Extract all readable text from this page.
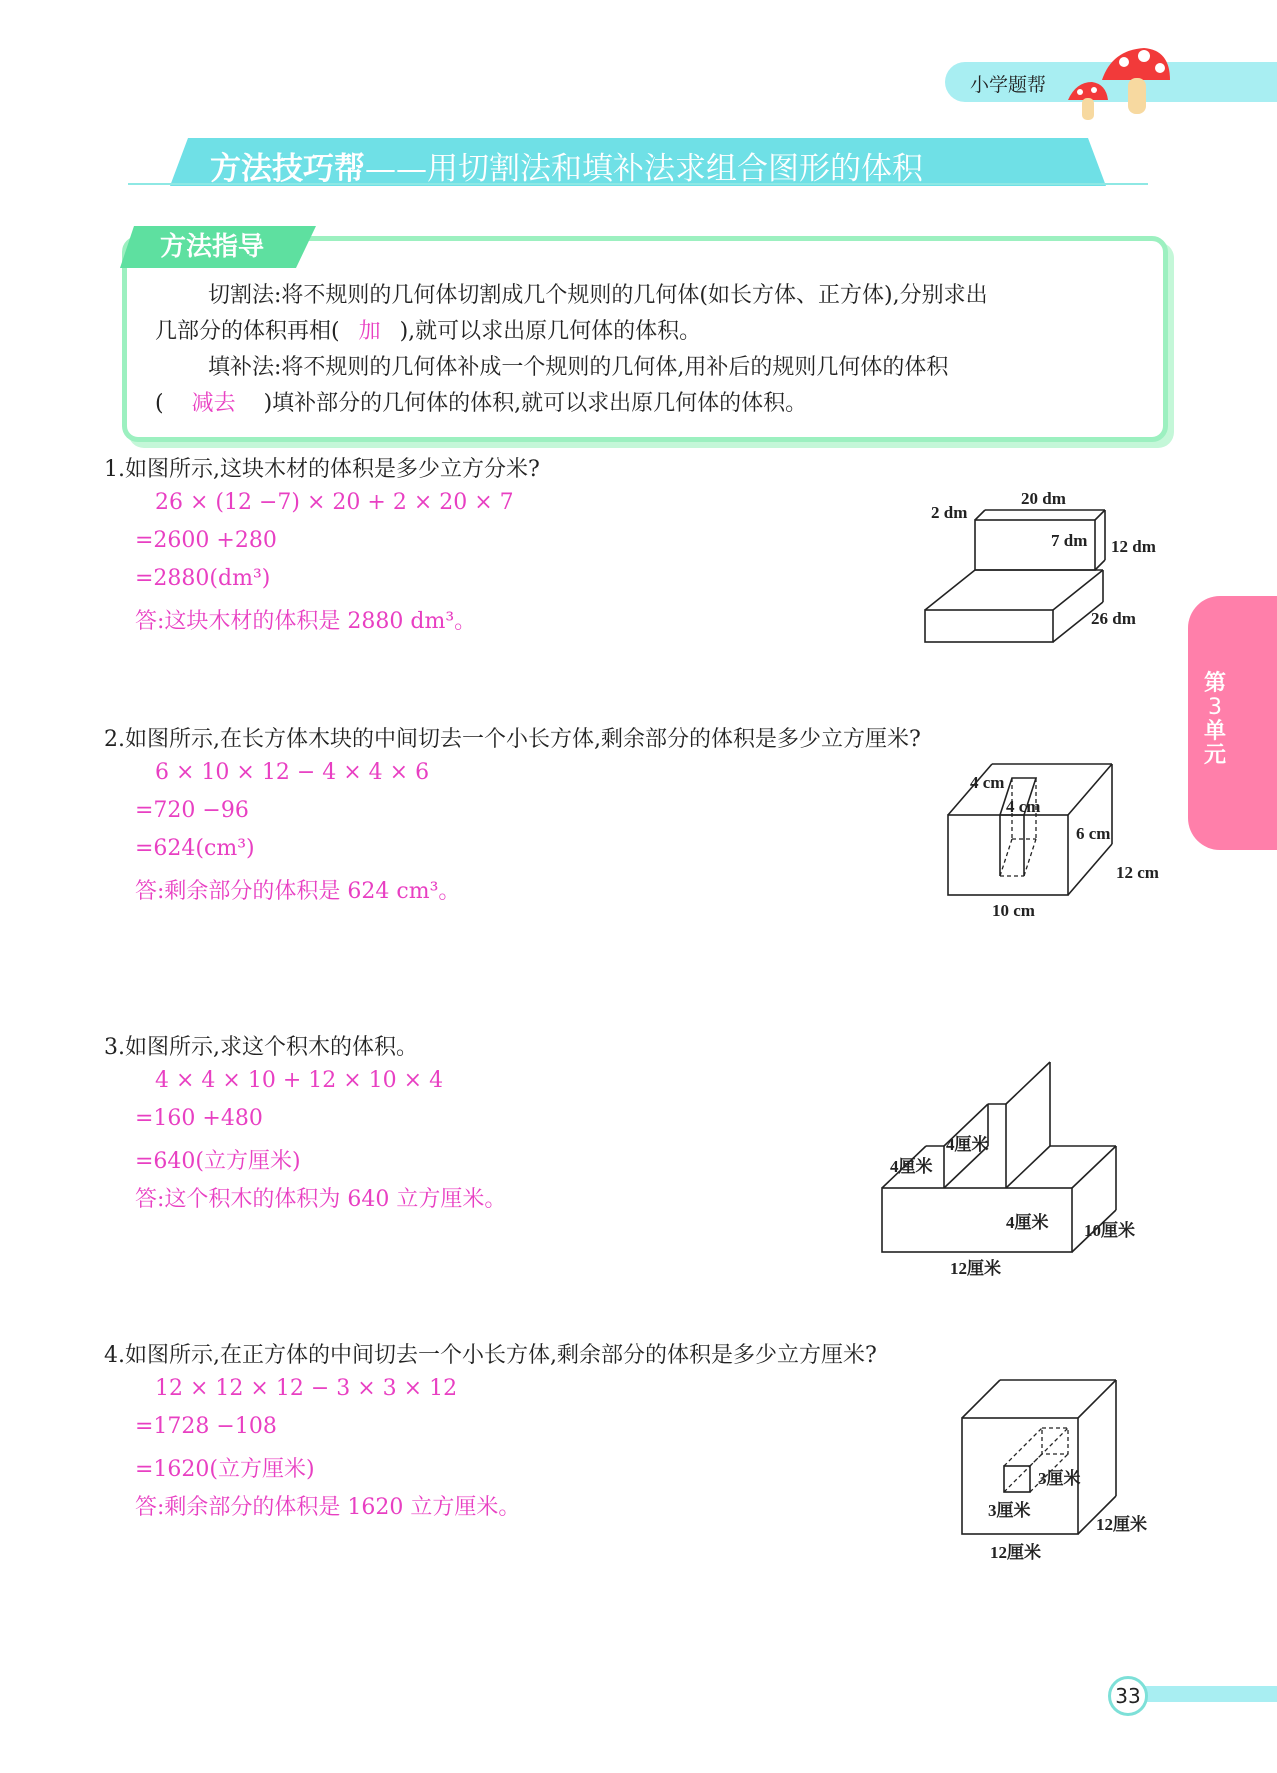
小学题帮
方法技巧帮——用切割法和填补法求组合图形的体积
方法指导
切割法:将不规则的几何体切割成几个规则的几何体(如长方体、正方体),分别求出
几部分的体积再相( 加 ),就可以求出原几何体的体积。
填补法:将不规则的几何体补成一个规则的几何体,用补后的规则几何体的体积
( 减去 )填补部分的几何体的体积,就可以求出原几何体的体积。
1.如图所示,这块木材的体积是多少立方分米?
26 × (12 −7) × 20 + 2 × 20 × 7
=2600 +280
=2880(dm³)
答:这块木材的体积是 2880 dm³。
2 dm
20 dm
7 dm 12 dm
26 dm
2.如图所示,在长方体木块的中间切去一个小长方体,剩余部分的体积是多少立方厘米?
6 × 10 × 12 − 4 × 4 × 6
=720 −96
=624(cm³)
答:剩余部分的体积是 624 cm³。
4 cm
4 cm
6 cm
12 cm
10 cm
3.如图所示,求这个积木的体积。
4 × 4 × 10 + 12 × 10 × 4
=160 +480
=640(立方厘米)
答:这个积木的体积为 640 立方厘米。
4厘米
4厘米
4厘米 10厘米
12厘米
4.如图所示,在正方体的中间切去一个小长方体,剩余部分的体积是多少立方厘米?
12 × 12 × 12 − 3 × 3 × 12
=1728 −108
=1620(立方厘米)
答:剩余部分的体积是 1620 立方厘米。
3厘米
3厘米
12厘米
12厘米
第
3
单
元
33
